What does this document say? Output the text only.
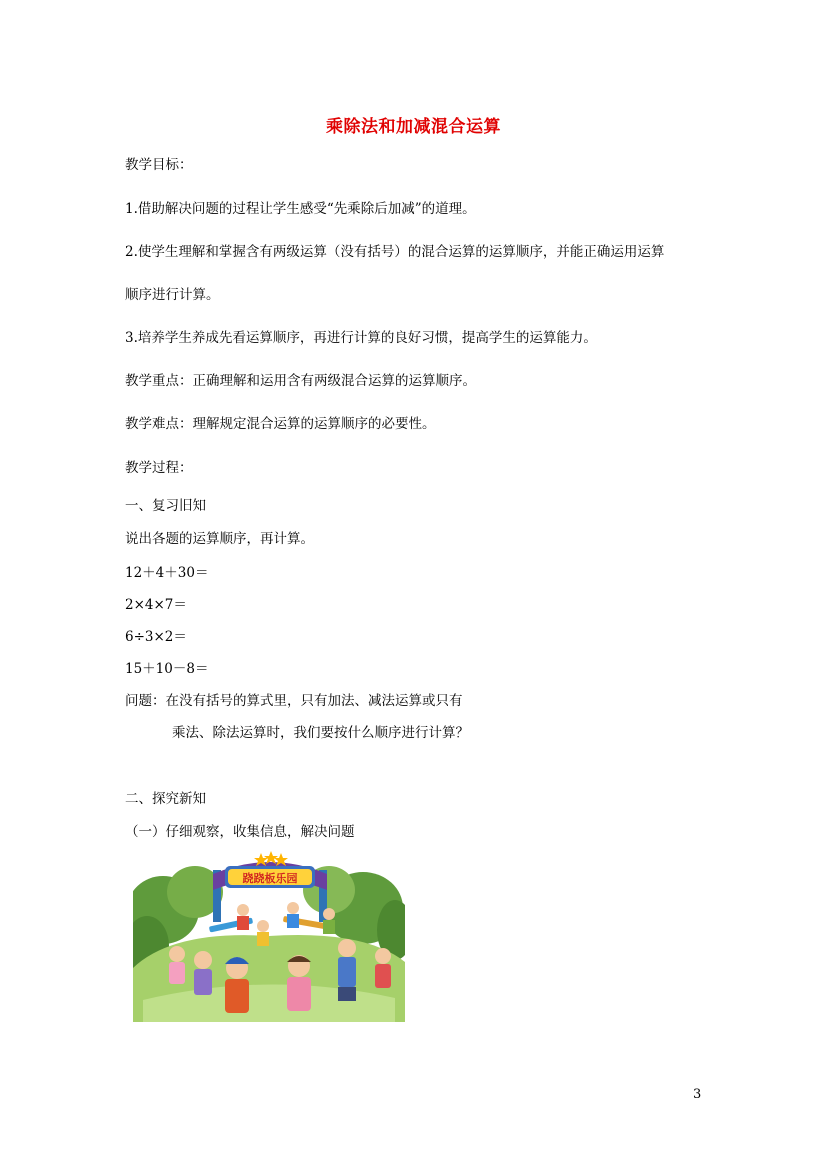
乘除法和加减混合运算
教学目标：
1.借助解决问题的过程让学生感受“先乘除后加减”的道理。
2.使学生理解和掌握含有两级运算（没有括号）的混合运算的运算顺序，并能正确运用运算
顺序进行计算。
3.培养学生养成先看运算顺序，再进行计算的良好习惯，提高学生的运算能力。
教学重点：正确理解和运用含有两级混合运算的运算顺序。
教学难点：理解规定混合运算的运算顺序的必要性。
教学过程：
一、复习旧知
说出各题的运算顺序，再计算。
12＋4＋30＝
2×4×7＝
6÷3×2＝
15＋10－8＝
问题：在没有括号的算式里，只有加法、减法运算或只有
乘法、除法运算时，我们要按什么顺序进行计算？
二、探究新知
（一）仔细观察，收集信息，解决问题
跷跷板乐园
3
